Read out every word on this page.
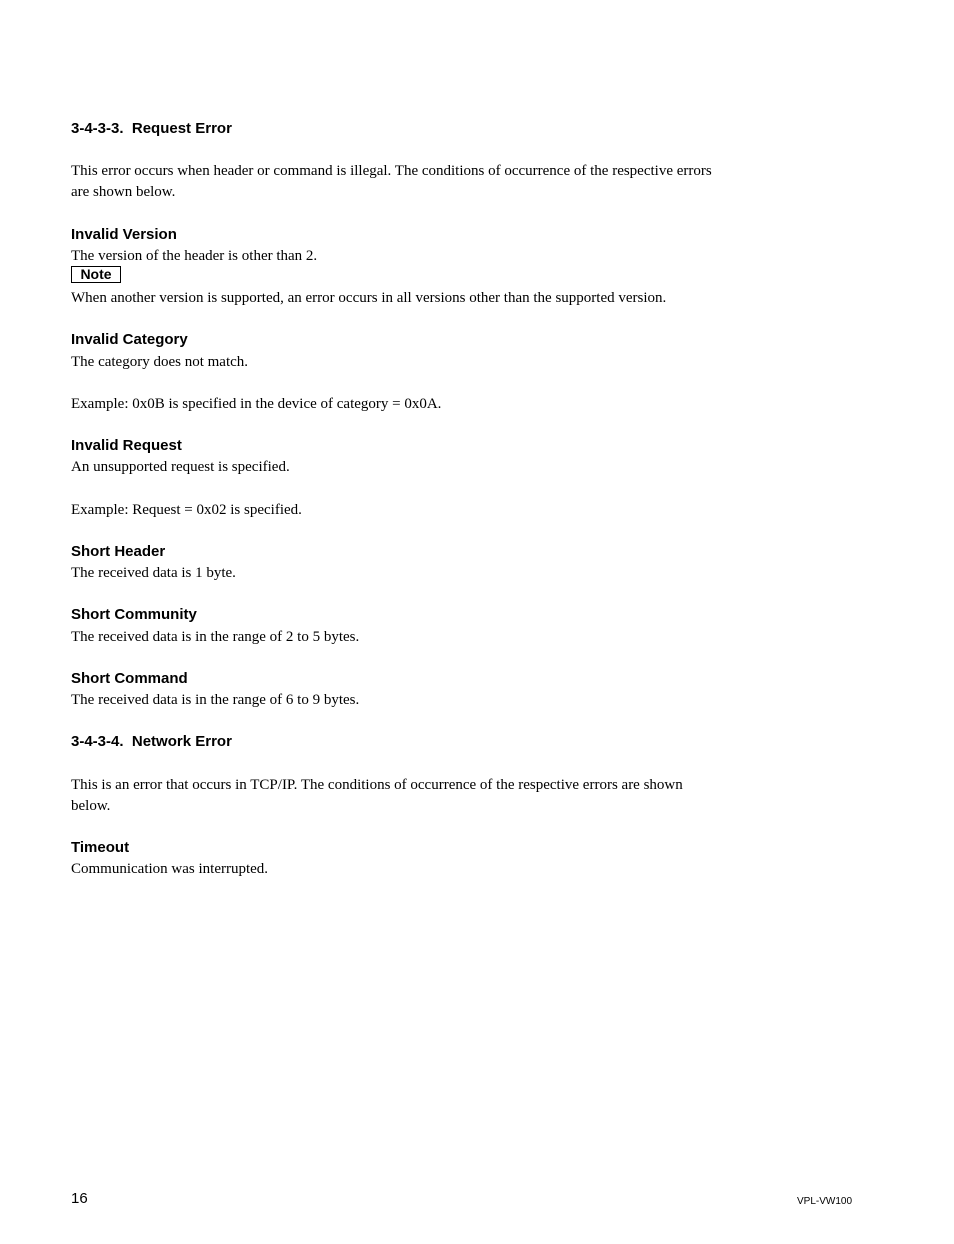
3-4-3-3. Request Error
This error occurs when header or command is illegal. The conditions of occurrence of the respective errors are shown below.
Invalid Version
The version of the header is other than 2.
Note
When another version is supported, an error occurs in all versions other than the supported version.
Invalid Category
The category does not match.
Example: 0x0B is specified in the device of category = 0x0A.
Invalid Request
An unsupported request is specified.
Example: Request = 0x02 is specified.
Short Header
The received data is 1 byte.
Short Community
The received data is in the range of 2 to 5 bytes.
Short Command
The received data is in the range of 6 to 9 bytes.
3-4-3-4. Network Error
This is an error that occurs in TCP/IP. The conditions of occurrence of the respective errors are shown below.
Timeout
Communication was interrupted.
16	VPL-VW100
